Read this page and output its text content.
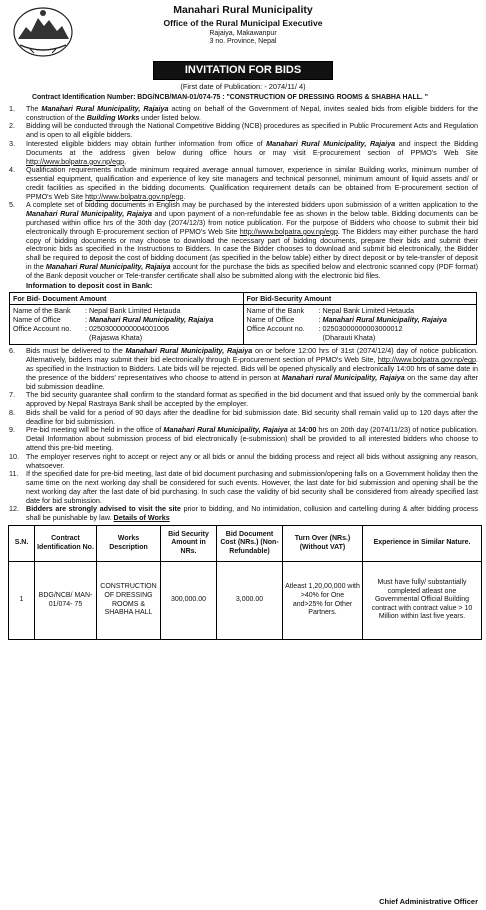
Manahari Rural Municipality
Office of the Rural Municipal Executive
Rajaiya, Makawanpur
3 no. Province, Nepal
INVITATION FOR BIDS
(First date of Publication: - 2074/11/ 4)
Contract Identification Number: BDG/NCB/MAN-01/074-75 : "CONSTRUCTION OF DRESSING ROOMS & SHABHA HALL. "
1.	The Manahari Rural Municipality, Rajaiya acting on behalf of the Government of Nepal, invites sealed bids from eligible bidders for the construction of the Building Works under listed below.
2.	Bidding will be conducted through the National Competitive Bidding (NCB) procedures as specified in Public Procurement Acts and Regulation and is open to all eligible bidders.
3.	Interested eligible bidders may obtain further information from office of Manahari Rural Municipality, Rajaiya and inspect the Bidding Documents at the address given below during office hours or may visit E-procurement section of PPMO's Web Site http://www.bolpatra.gov.np/egp.
4.	Qualification requirements include minimum required average annual turnover, experience in similar Building works, minimum number of essential equipment, qualification and experience of key site managers and technical personnel, minimum amount of liquid assets and/ or credit facilities as specified in the bidding documents. Qualification requirement details can be obtained from E-procurement section of PPMO's Web Site http://www.bolpatra.gov.np/egp.
5.	A complete set of bidding documents in English may be purchased by the interested bidders upon submission of a written application to the Manahari Rural Municipality, Rajaiya and upon payment of a non-refundable fee as shown in the below table. Bidding documents can be purchased within office hrs of the 30th day (2074/12/3) from notice publication. For the purpose of Bidders who choose to submit their bid electronically through E-procurement section of PPMO's Web Site http://www.bolpatra.gov.np/egp. The Bidders may either purchase the hard copy of bidding documents or may choose to download the necessary part of bidding documents, prepare their bids and submit their electronic bids as specified in the Instructions to Bidders. In case the Bidder chooses to download and submit bid electronically, the Bidder shall be required to deposit the cost of bidding document (as specified in the below table) either by direct deposit or by tele-transfer of deposit in the Manahari Rural Municipality, Rajaiya account for the purchase the bids as specified below and electronic scanned copy (PDF format) of the Bank deposit voucher or Tele-transfer certificate shall also be submitted along with the electronic bid files.
Information to deposit cost in Bank:
For Bid- Document Amount
Name of the Bank	: Nepal Bank Limited Hetauda
Name of Office	: Manahari Rural Municipality, Rajaiya
Office Account no.	: 02503000000004001006
(Rajaswa Khata)
For Bid-Security Amount
Name of the Bank	: Nepal Bank Limited Hetauda
Name of Office	: Manahari Rural Municipality, Rajaiya
Office Account no.	: 02503000000003000012
(Dharauti Khata)
6.	Bids must be delivered to the Manahari Rural Municipality, Rajaiya on or before 12:00 hrs of 31st (2074/12/4) day of notice publication. Alternatively, bidders may submit their bid electronically through E-procurement section of PPMO's Web Site, http://www.bolpatra.gov.np/egp. as specified in the Instruction to Bidders. Late bids will be rejected. Bids will be opened physically and electronically 14:00 hrs of same date in the presence of the bidders' representatives who choose to attend in person at Manahari rural Municipality, Rajaiya on the same day after bid submission deadline.
7.	The bid security guarantee shall confirm to the standard format as specified in the bid document and that issued only by the commercial bank approved by Nepal Rastraya Bank shall be accepted by the employer.
8.	Bids shall be valid for a period of 90 days after the deadline for bid submission date. Bid security shall remain valid up to 120 days after the deadline for bid submission.
9.	Pre-bid meeting will be held in the office of Manahari Rural Municipality, Rajaiya at 14:00 hrs on 20th day (2074/11/23) of notice publication. Detail Information about submission process of bid electronically (e-submission) shall be provided to all interested bidders who choose to attend this pre-bid meeting.
10. The employer reserves right to accept or reject any or all bids or annul the bidding process and reject all bids without assigning any reason, whatsoever.
11.	If the specified date for pre-bid meeting, last date of bid document purchasing and submission/opening falls on a Government holiday then the same time on the next working day shall be considered for such events. However, the last date for bid submission and opening shall be the next working day after the last date of bid purchasing. In such case the validity of bid security shall be considered from already specified last date for bid submission.
12. Bidders are strongly advised to visit the site prior to bidding, and No intimidation, collusion and cartelling during & after bidding process shall be punishable by law. Details of Works
S.N.	Contract Identification No.	Works Description	Bid Security Amount in NRs.	Bid Document Cost (NRs.) (Non-Refundable)	Turn Over (NRs.) (Without VAT)	Experience in Similar Nature.
1	BDG/NCB/ MAN-01/074- 75	CONSTRUCTION OF DRESSING ROOMS & SHABHA HALL	300,000.00	3,000.00	Atleast 1,20,00,000 with >40% for One and>25% for Other Partners.	Must have fully/ substantially completed atleast one Governmental Official Building contract with contract value > 10 Million within last five years.
Chief Administrative Officer
